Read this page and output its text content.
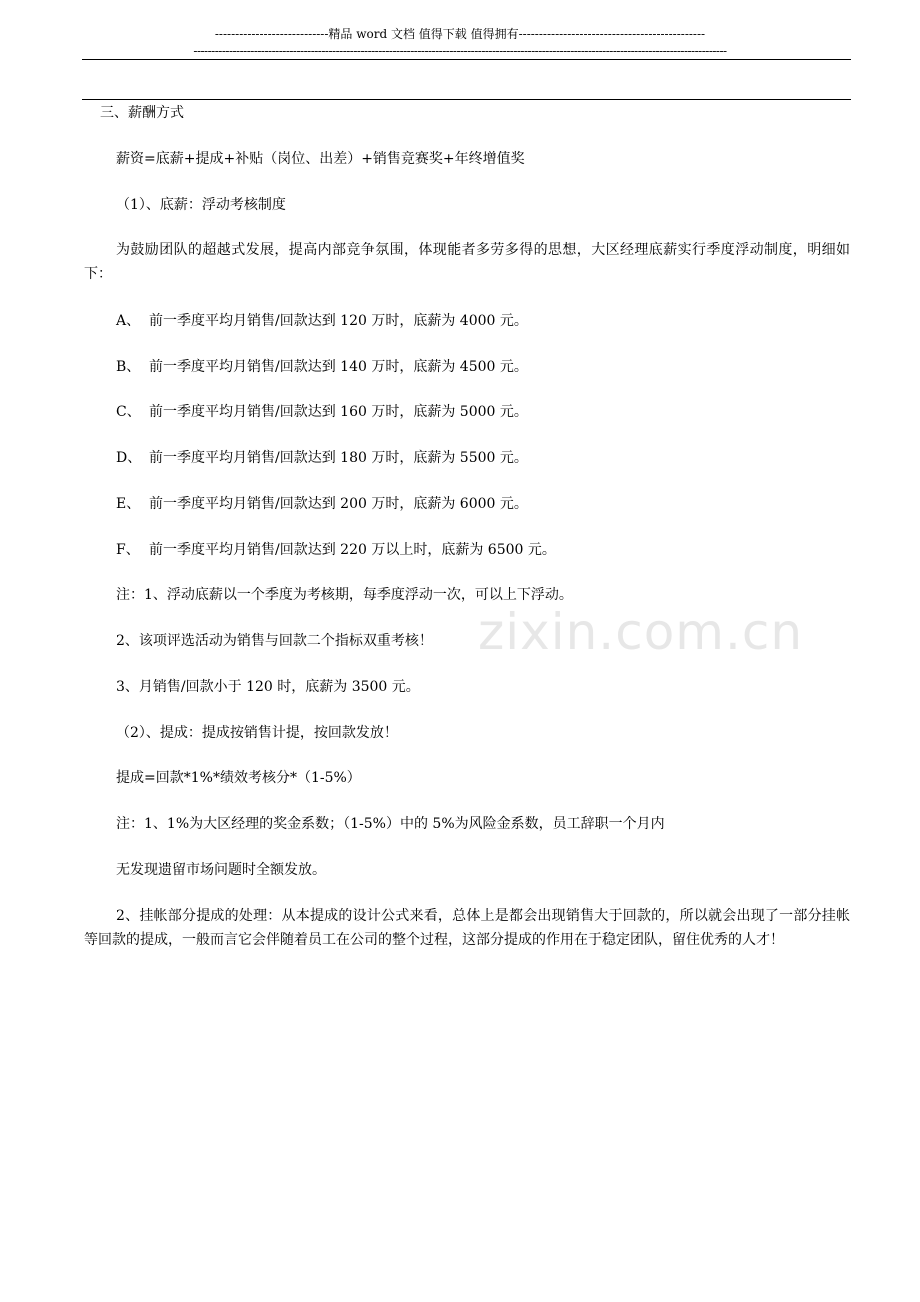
----------------------------精品 word 文档 值得下载 值得拥有----------------------------------------------
------------------------------------------------------------------------------------------------------------------------------------------------------
zixin.com.cn

三、薪酬方式

薪资=底薪+提成+补贴（岗位、出差）+销售竞赛奖+年终增值奖

（1）、底薪：浮动考核制度

为鼓励团队的超越式发展，提高内部竞争氛围，体现能者多劳多得的思想，大区经理底薪实行季度浮动制度，明细如下：

A、 前一季度平均月销售/回款达到 120 万时，底薪为 4000 元。

B、 前一季度平均月销售/回款达到 140 万时，底薪为 4500 元。

C、 前一季度平均月销售/回款达到 160 万时，底薪为 5000 元。

D、 前一季度平均月销售/回款达到 180 万时，底薪为 5500 元。

E、 前一季度平均月销售/回款达到 200 万时，底薪为 6000 元。

F、 前一季度平均月销售/回款达到 220 万以上时，底薪为 6500 元。

注：1、浮动底薪以一个季度为考核期，每季度浮动一次，可以上下浮动。

2、该项评选活动为销售与回款二个指标双重考核！

3、月销售/回款小于 120 时，底薪为 3500 元。

（2）、提成：提成按销售计提，按回款发放！

提成=回款*1%*绩效考核分*（1-5%）

注：1、1%为大区经理的奖金系数；（1-5%）中的 5%为风险金系数，员工辞职一个月内

无发现遗留市场问题时全额发放。

2、挂帐部分提成的处理：从本提成的设计公式来看，总体上是都会出现销售大于回款的，所以就会出现了一部分挂帐等回款的提成，一般而言它会伴随着员工在公司的整个过程，这部分提成的作用在于稳定团队，留住优秀的人才！
